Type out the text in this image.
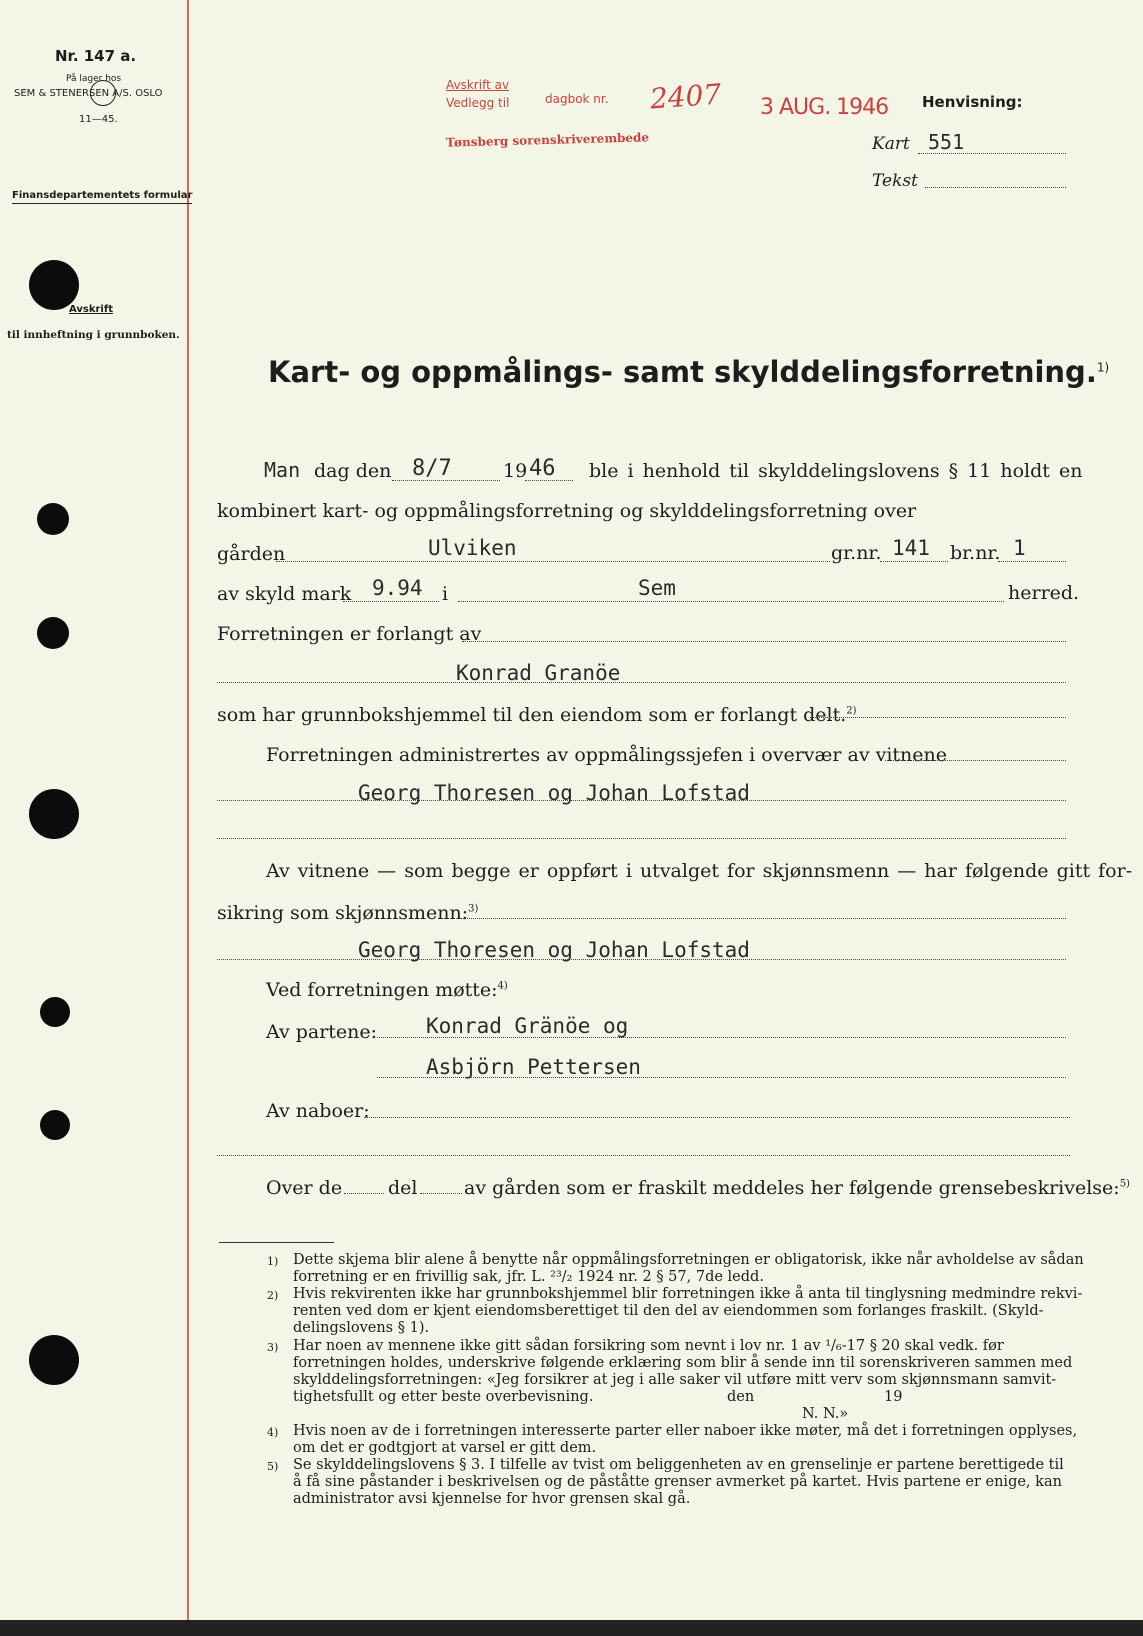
Nr. 147 a.
På lager hos
SEM & STENERSEN A/S. OSLO
11—45.
Finansdepartementets formular
Avskrift
til innheftning i grunnboken.
Avskrift av
Vedlegg til	dagbok nr. 2407
Tønsberg sorenskriverembede
3 AUG. 1946 Henvisning:
Kart 551
Tekst
Kart- og oppmålings- samt skylddelingsforretning.$^{1)}$
Man dag den 8/7	19 46 ble i henhold til skylddelingslovens § 11 holdt en
kombinert kart- og oppmålingsforretning og skylddelingsforretning over
gården	Ulviken	gr.nr. 141 br.nr. 1
av skyld mark 9.94 i	Sem	herred.
Forretningen er forlangt av
Konrad Granöe
som har grunnbokshjemmel til den eiendom som er forlangt delt.$^{2)}$
Forretningen administrertes av oppmålingssjefen i overvær av vitnene
Georg Thoresen og Johan Lofstad
Av vitnene — som begge er oppført i utvalget for skjønnsmenn — har følgende gitt for-
sikring som skjønnsmenn:$^{3)}$
Georg Thoresen og Johan Lofstad
Ved forretningen møtte:$^{4)}$
Av partene: Konrad Gränöe og
Asbjörn Pettersen
Av naboer:
Over de del av gården som er fraskilt meddeles her følgende grensebeskrivelse:$^{5)}$
1) Dette skjema blir alene å benytte når oppmålingsforretningen er obligatorisk, ikke når avholdelse av sådan
forretning er en frivillig sak, jfr. L. ²³/₂ 1924 nr. 2 § 57, 7de ledd.
2) Hvis rekvirenten ikke har grunnbokshjemmel blir forretningen ikke å anta til tinglysning medmindre rekvi-
renten ved dom er kjent eiendomsberettiget til den del av eiendommen som forlanges fraskilt. (Skyld-
delingslovens § 1).
3) Har noen av mennene ikke gitt sådan forsikring som nevnt i lov nr. 1 av ¹/₆-17 § 20 skal vedk. før
forretningen holdes, underskrive følgende erklæring som blir å sende inn til sorenskriveren sammen med
skylddelingsforretningen: «Jeg forsikrer at jeg i alle saker vil utføre mitt verv som skjønnsmann samvit-
tighetsfullt og etter beste overbevisning.	den	19
N. N.»
4) Hvis noen av de i forretningen interesserte parter eller naboer ikke møter, må det i forretningen opplyses,
om det er godtgjort at varsel er gitt dem.
5) Se skylddelingslovens § 3. I tilfelle av tvist om beliggenheten av en grenselinje er partene berettigede til
å få sine påstander i beskrivelsen og de påståtte grenser avmerket på kartet. Hvis partene er enige, kan
administrator avsi kjennelse for hvor grensen skal gå.
